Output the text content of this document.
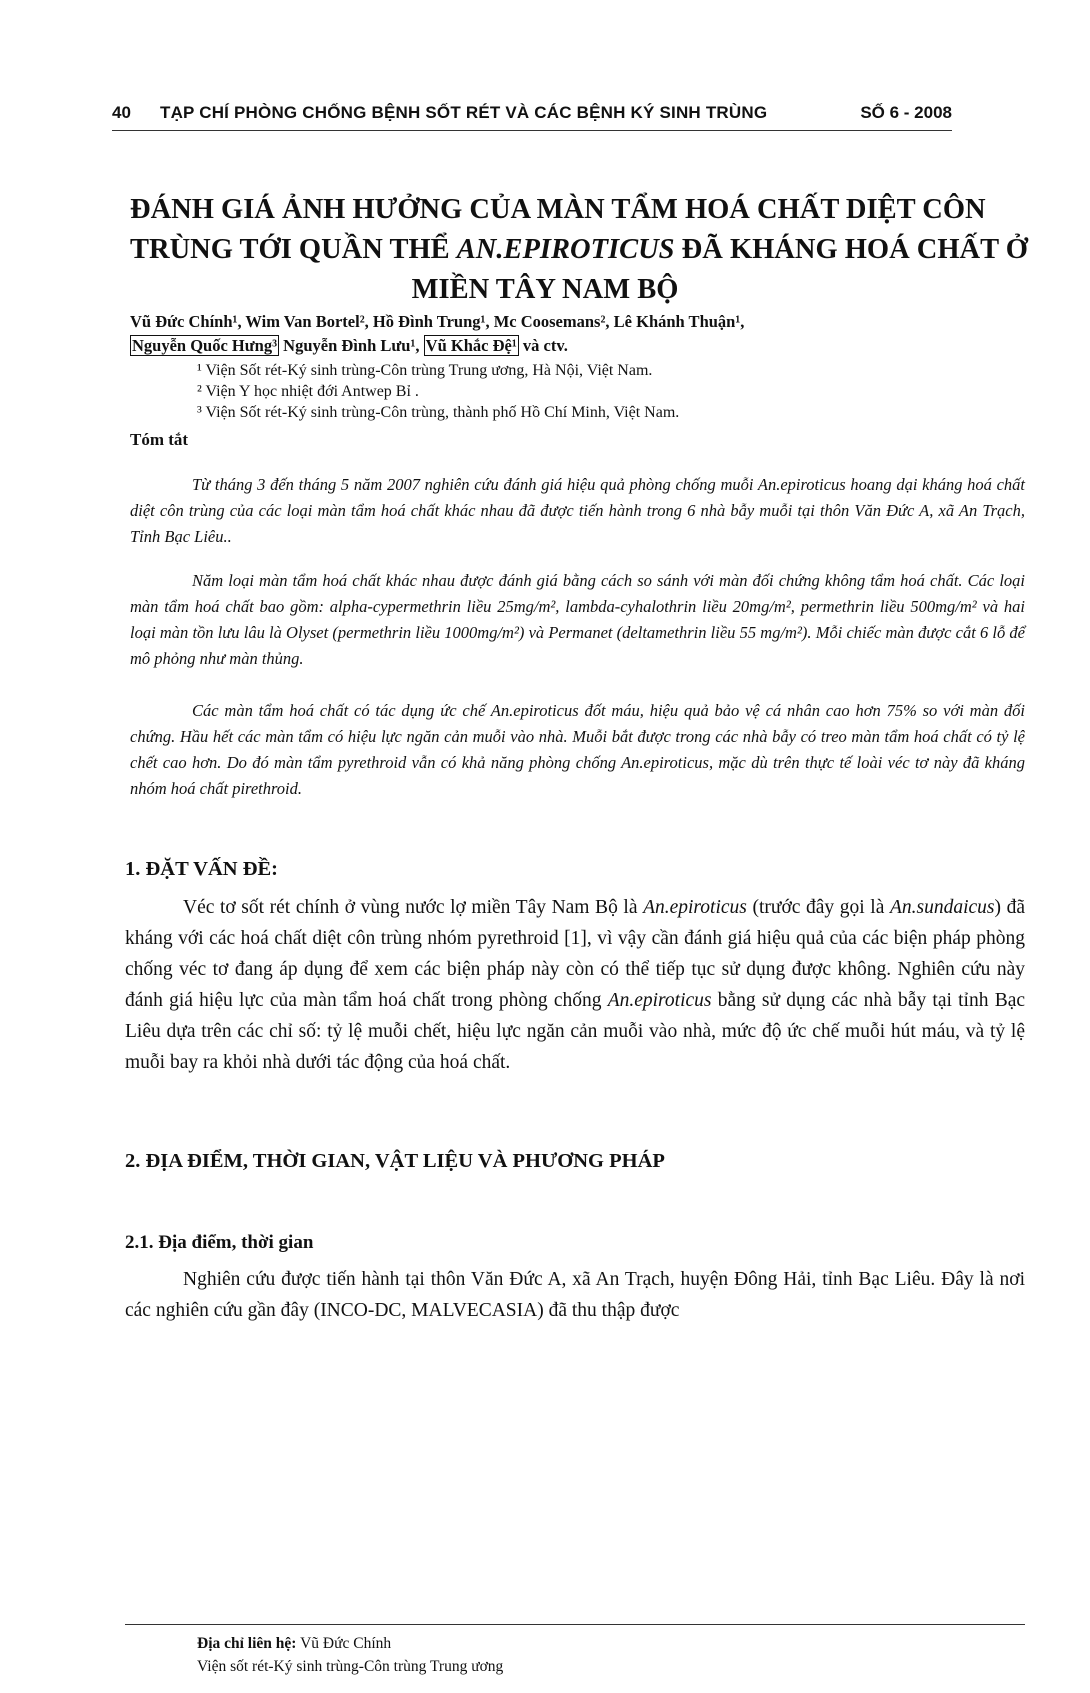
40 TẠP CHÍ PHÒNG CHỐNG BỆNH SỐT RÉT VÀ CÁC BỆNH KÝ SINH TRÙNG	SỐ 6 - 2008
ĐÁNH GIÁ ẢNH HƯỞNG CỦA MÀN TẨM HOÁ CHẤT DIỆT CÔN
TRÙNG TỚI QUẦN THỂ AN.EPIROTICUS ĐÃ KHÁNG HOÁ CHẤT Ở
MIỀN TÂY NAM BỘ
Vũ Đức Chính¹, Wim Van Bortel², Hồ Đình Trung¹, Mc Coosemans², Lê Khánh Thuận¹,
Nguyễn Quốc Hưng³ Nguyễn Đình Lưu¹, Vũ Khắc Đệ¹ và ctv.
¹ Viện Sốt rét-Ký sinh trùng-Côn trùng Trung ương, Hà Nội, Việt Nam.
² Viện Y học nhiệt đới Antwep Bỉ .
³ Viện Sốt rét-Ký sinh trùng-Côn trùng, thành phố Hồ Chí Minh, Việt Nam.
Tóm tắt

Từ tháng 3 đến tháng 5 năm 2007 nghiên cứu đánh giá hiệu quả phòng chống muỗi An.epiroticus hoang dại kháng hoá chất diệt côn trùng của các loại màn tẩm hoá chất khác nhau đã được tiến hành trong 6 nhà bẫy muỗi tại thôn Văn Đức A, xã An Trạch, Tỉnh Bạc Liêu..

Năm loại màn tẩm hoá chất khác nhau được đánh giá bằng cách so sánh với màn đối chứng không tẩm hoá chất. Các loại màn tẩm hoá chất bao gồm: alpha-cypermethrin liều 25mg/m², lambda-cyhalothrin liều 20mg/m², permethrin liều 500mg/m² và hai loại màn tồn lưu lâu là Olyset (permethrin liều 1000mg/m²) và Permanet (deltamethrin liều 55 mg/m²). Mỗi chiếc màn được cắt 6 lỗ để mô phỏng như màn thủng.

Các màn tẩm hoá chất có tác dụng ức chế An.epiroticus đốt máu, hiệu quả bảo vệ cá nhân cao hơn 75% so với màn đối chứng. Hầu hết các màn tẩm có hiệu lực ngăn cản muỗi vào nhà. Muỗi bắt được trong các nhà bẫy có treo màn tẩm hoá chất có tỷ lệ chết cao hơn. Do đó màn tẩm pyrethroid vẫn có khả năng phòng chống An.epiroticus, mặc dù trên thực tế loài véc tơ này đã kháng nhóm hoá chất pirethroid.

1. ĐẶT VẤN ĐỀ:

Véc tơ sốt rét chính ở vùng nước lợ miền Tây Nam Bộ là An.epiroticus (trước đây gọi là An.sundaicus) đã kháng với các hoá chất diệt côn trùng nhóm pyrethroid [1], vì vậy cần đánh giá hiệu quả của các biện pháp phòng chống véc tơ đang áp dụng để xem các biện pháp này còn có thể tiếp tục sử dụng được không. Nghiên cứu này đánh giá hiệu lực của màn tẩm hoá chất trong phòng chống An.epiroticus bằng sử dụng các nhà bẫy tại tỉnh Bạc Liêu dựa trên các chỉ số: tỷ lệ muỗi chết, hiệu lực ngăn cản muỗi vào nhà, mức độ ức chế muỗi hút máu, và tỷ lệ muỗi bay ra khỏi nhà dưới tác động của hoá chất.

2. ĐỊA ĐIỂM, THỜI GIAN, VẬT LIỆU VÀ PHƯƠNG PHÁP
2.1. Địa điểm, thời gian

Nghiên cứu được tiến hành tại thôn Văn Đức A, xã An Trạch, huyện Đông Hải, tỉnh Bạc Liêu. Đây là nơi các nghiên cứu gần đây (INCO-DC, MALVECASIA) đã thu thập được

Địa chỉ liên hệ: Vũ Đức Chính
Viện sốt rét-Ký sinh trùng-Côn trùng Trung ương
